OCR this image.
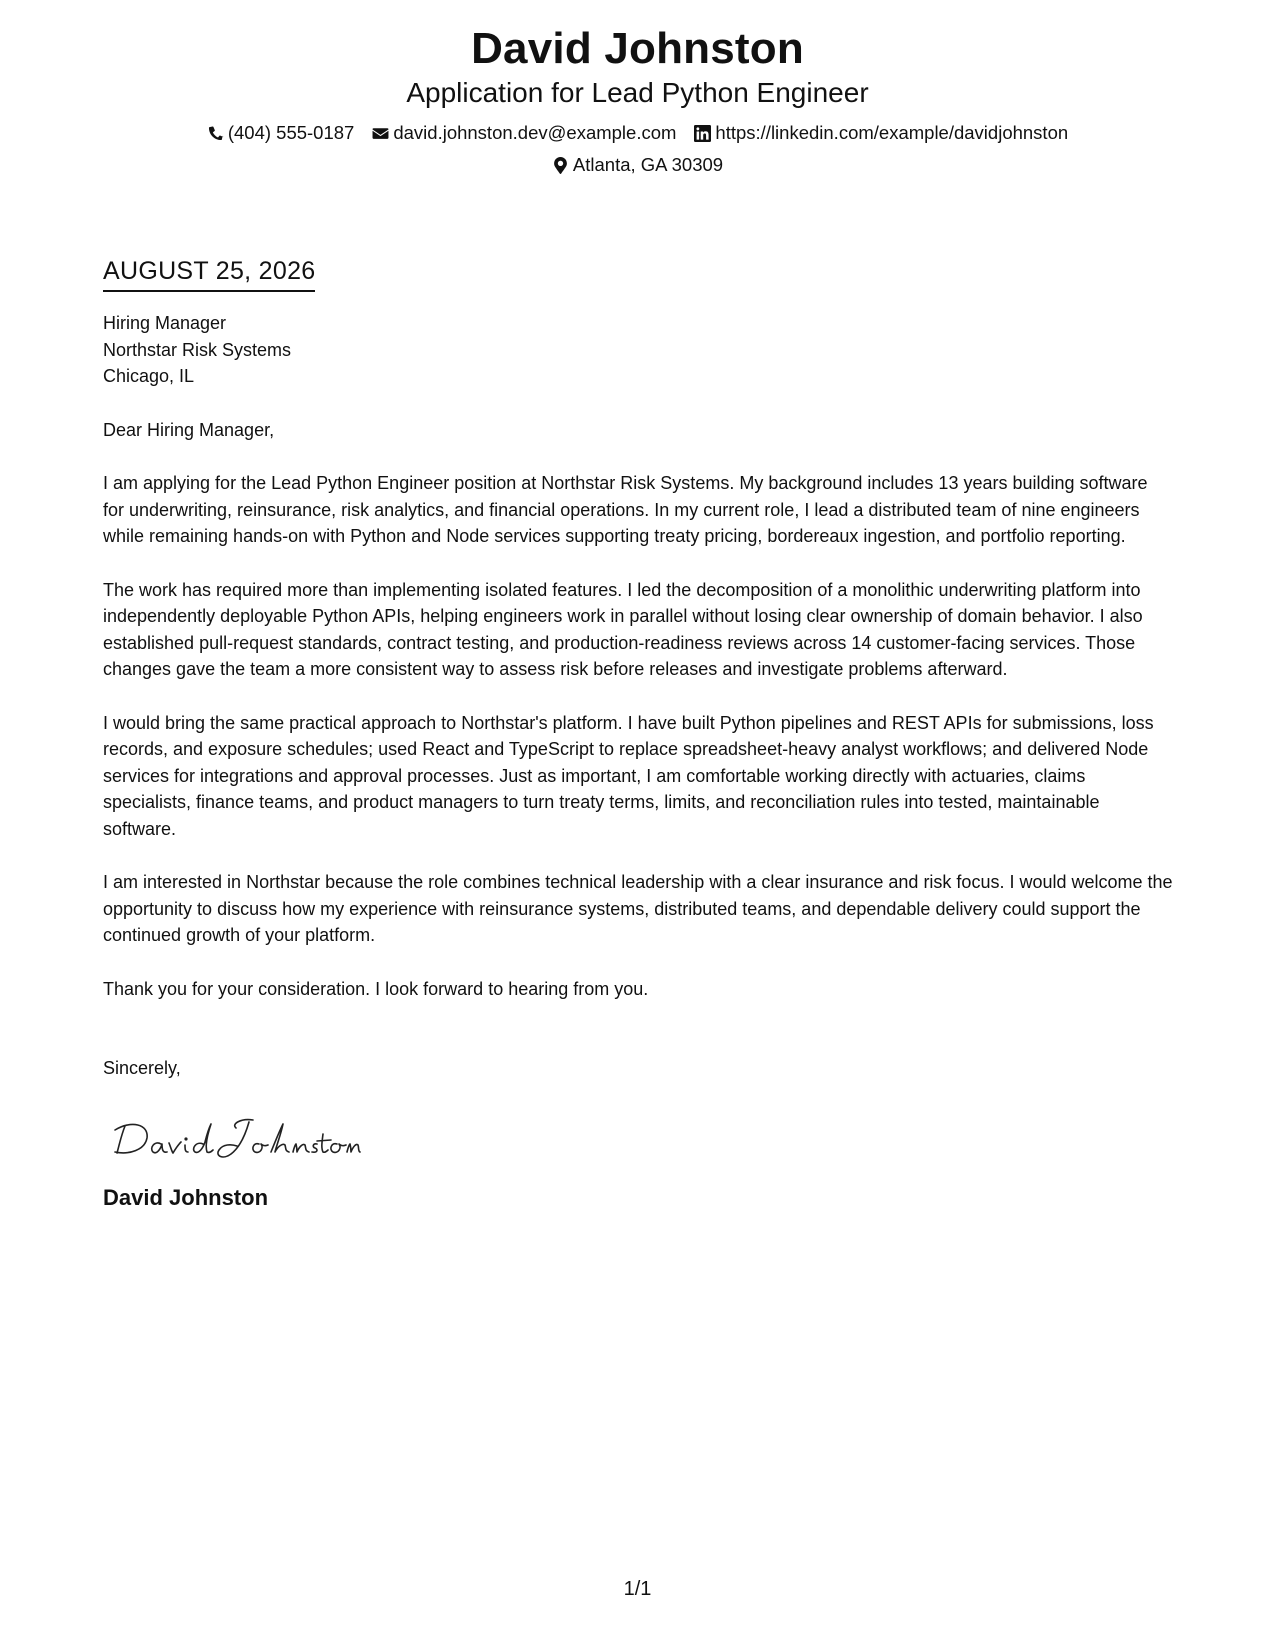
David Johnston
Application for Lead Python Engineer
(404) 555-0187 david.johnston.dev@example.com https://linkedin.com/example/davidjohnston
Atlanta, GA 30309
AUGUST 25, 2026
Hiring Manager
Northstar Risk Systems
Chicago, IL
Dear Hiring Manager,

I am applying for the Lead Python Engineer position at Northstar Risk Systems. My background includes 13 years building software for underwriting, reinsurance, risk analytics, and financial operations. In my current role, I lead a distributed team of nine engineers while remaining hands-on with Python and Node services supporting treaty pricing, bordereaux ingestion, and portfolio reporting.

The work has required more than implementing isolated features. I led the decomposition of a monolithic underwriting platform into independently deployable Python APIs, helping engineers work in parallel without losing clear ownership of domain behavior. I also established pull-request standards, contract testing, and production-readiness reviews across 14 customer-facing services. Those changes gave the team a more consistent way to assess risk before releases and investigate problems afterward.

I would bring the same practical approach to Northstar's platform. I have built Python pipelines and REST APIs for submissions, loss records, and exposure schedules; used React and TypeScript to replace spreadsheet-heavy analyst workflows; and delivered Node services for integrations and approval processes. Just as important, I am comfortable working directly with actuaries, claims specialists, finance teams, and product managers to turn treaty terms, limits, and reconciliation rules into tested, maintainable software.

I am interested in Northstar because the role combines technical leadership with a clear insurance and risk focus. I would welcome the opportunity to discuss how my experience with reinsurance systems, distributed teams, and dependable delivery could support the continued growth of your platform.

Thank you for your consideration. I look forward to hearing from you.

Sincerely,
David Johnston
1/1
